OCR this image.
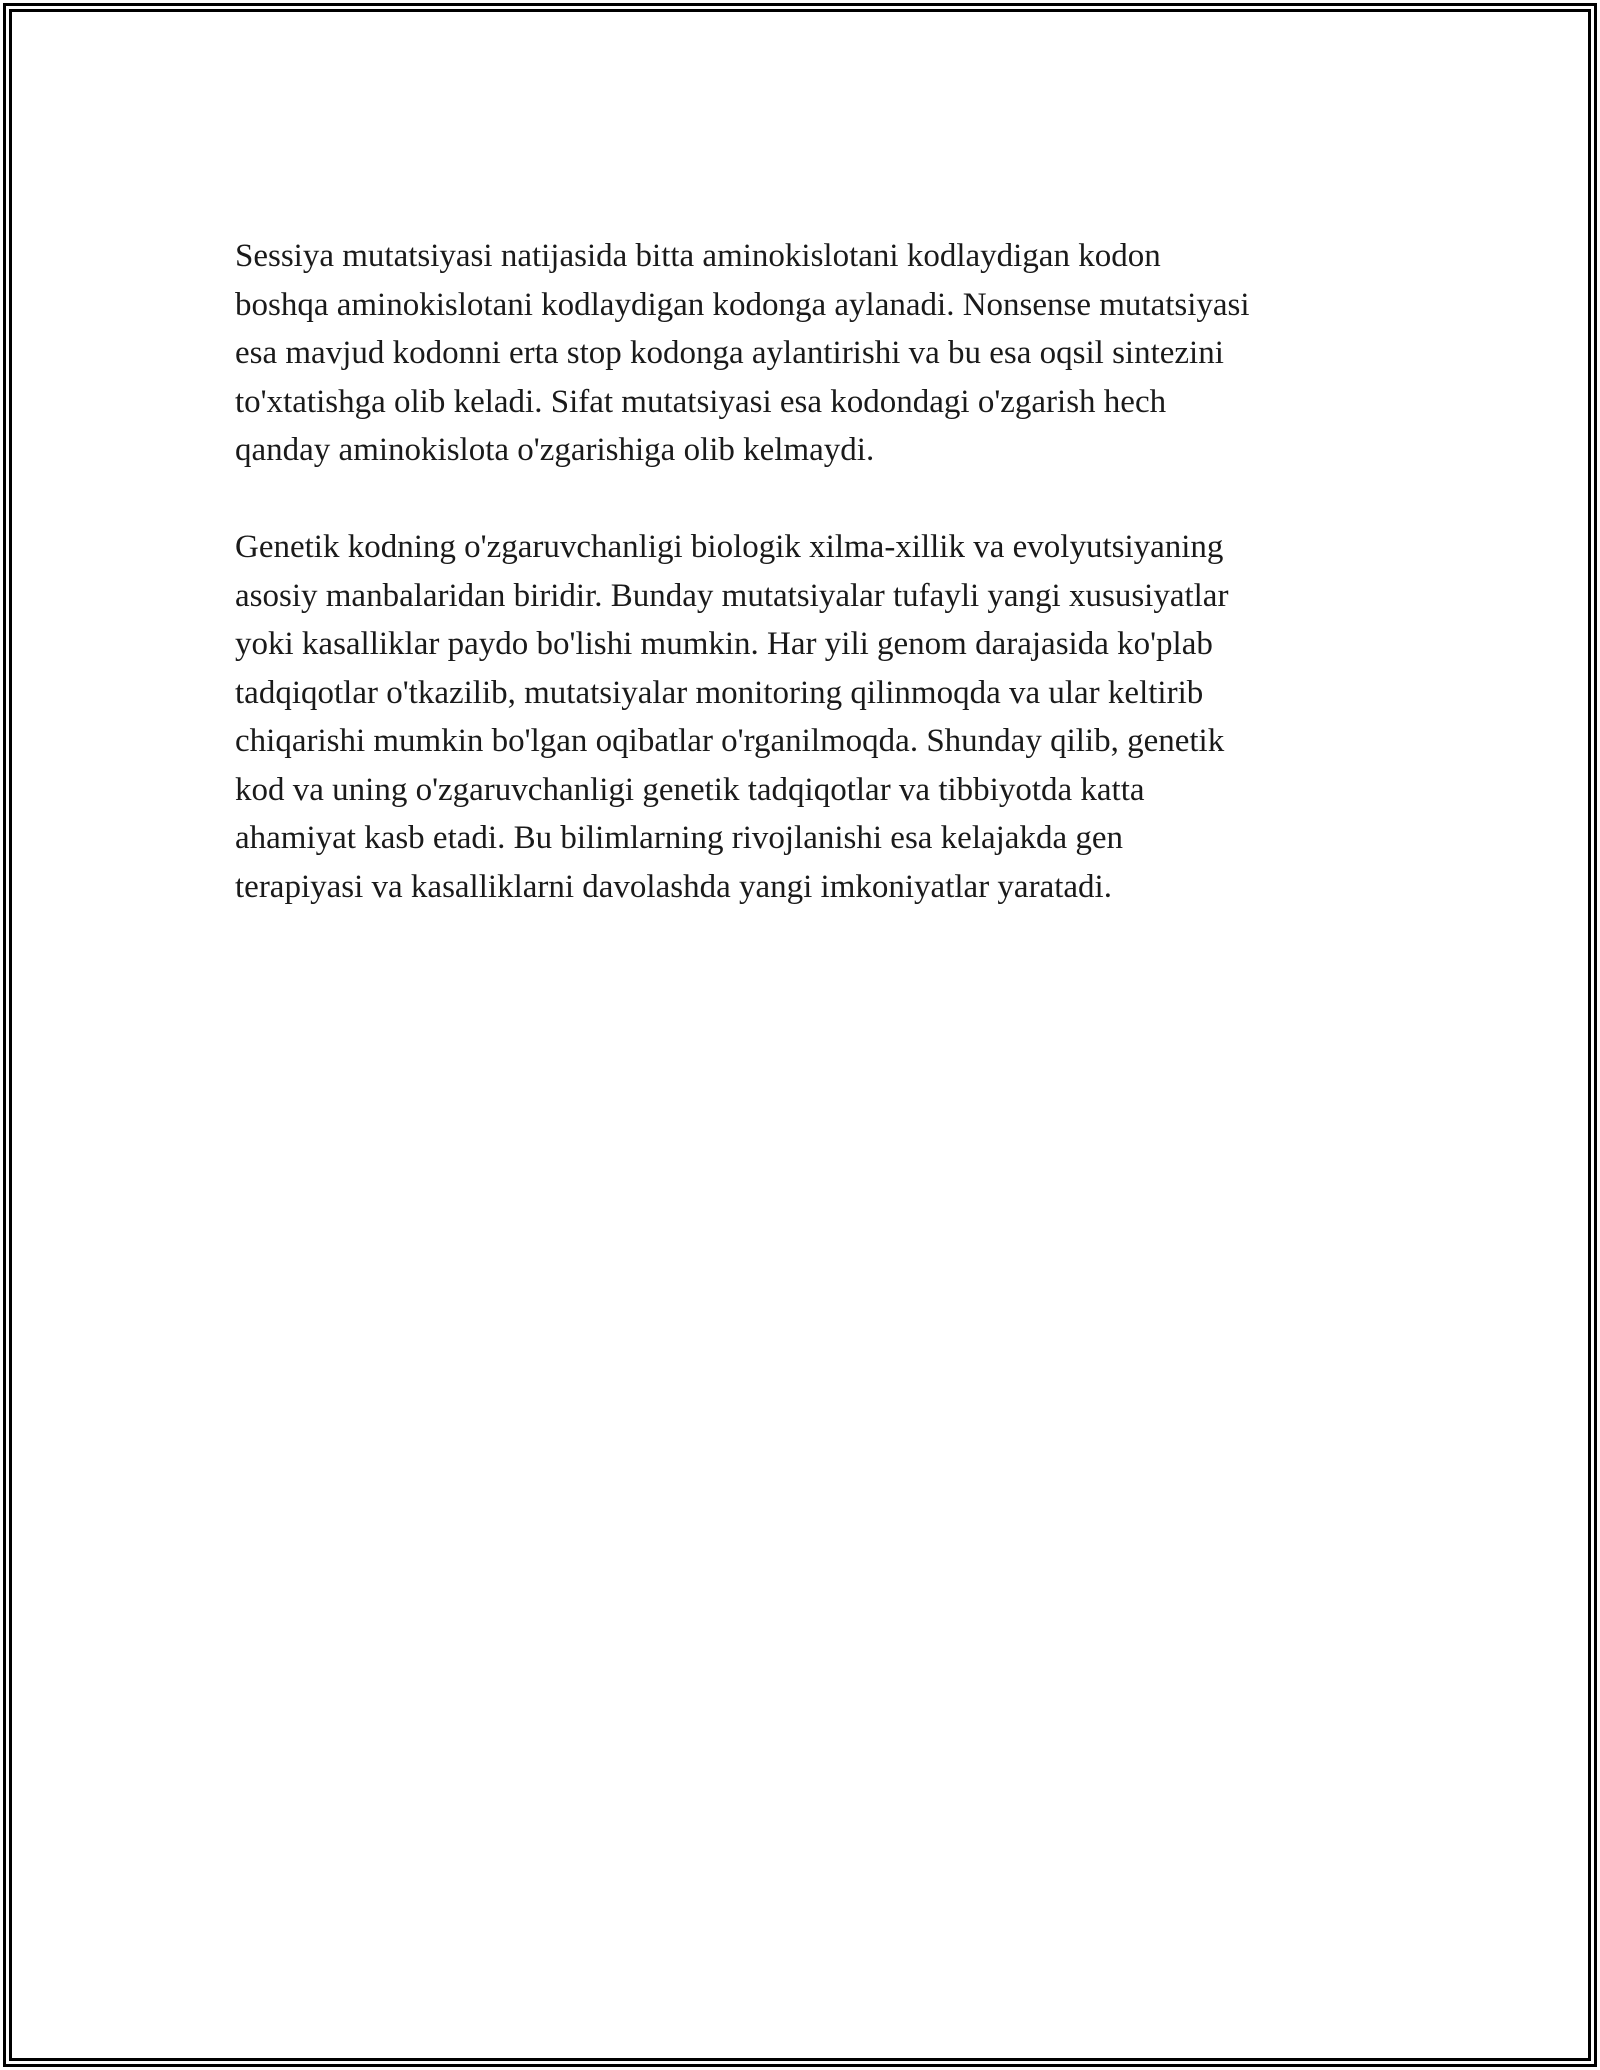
Sessiya mutatsiyasi natijasida bitta aminokislotani kodlaydigan kodon
boshqa aminokislotani kodlaydigan kodonga aylanadi. Nonsense mutatsiyasi
esa mavjud kodonni erta stop kodonga aylantirishi va bu esa oqsil sintezini
to'xtatishga olib keladi. Sifat mutatsiyasi esa kodondagi o'zgarish hech
qanday aminokislota o'zgarishiga olib kelmaydi.

Genetik kodning o'zgaruvchanligi biologik xilma-xillik va evolyutsiyaning
asosiy manbalaridan biridir. Bunday mutatsiyalar tufayli yangi xususiyatlar
yoki kasalliklar paydo bo'lishi mumkin. Har yili genom darajasida ko'plab
tadqiqotlar o'tkazilib, mutatsiyalar monitoring qilinmoqda va ular keltirib
chiqarishi mumkin bo'lgan oqibatlar o'rganilmoqda. Shunday qilib, genetik
kod va uning o'zgaruvchanligi genetik tadqiqotlar va tibbiyotda katta
ahamiyat kasb etadi. Bu bilimlarning rivojlanishi esa kelajakda gen
terapiyasi va kasalliklarni davolashda yangi imkoniyatlar yaratadi.
